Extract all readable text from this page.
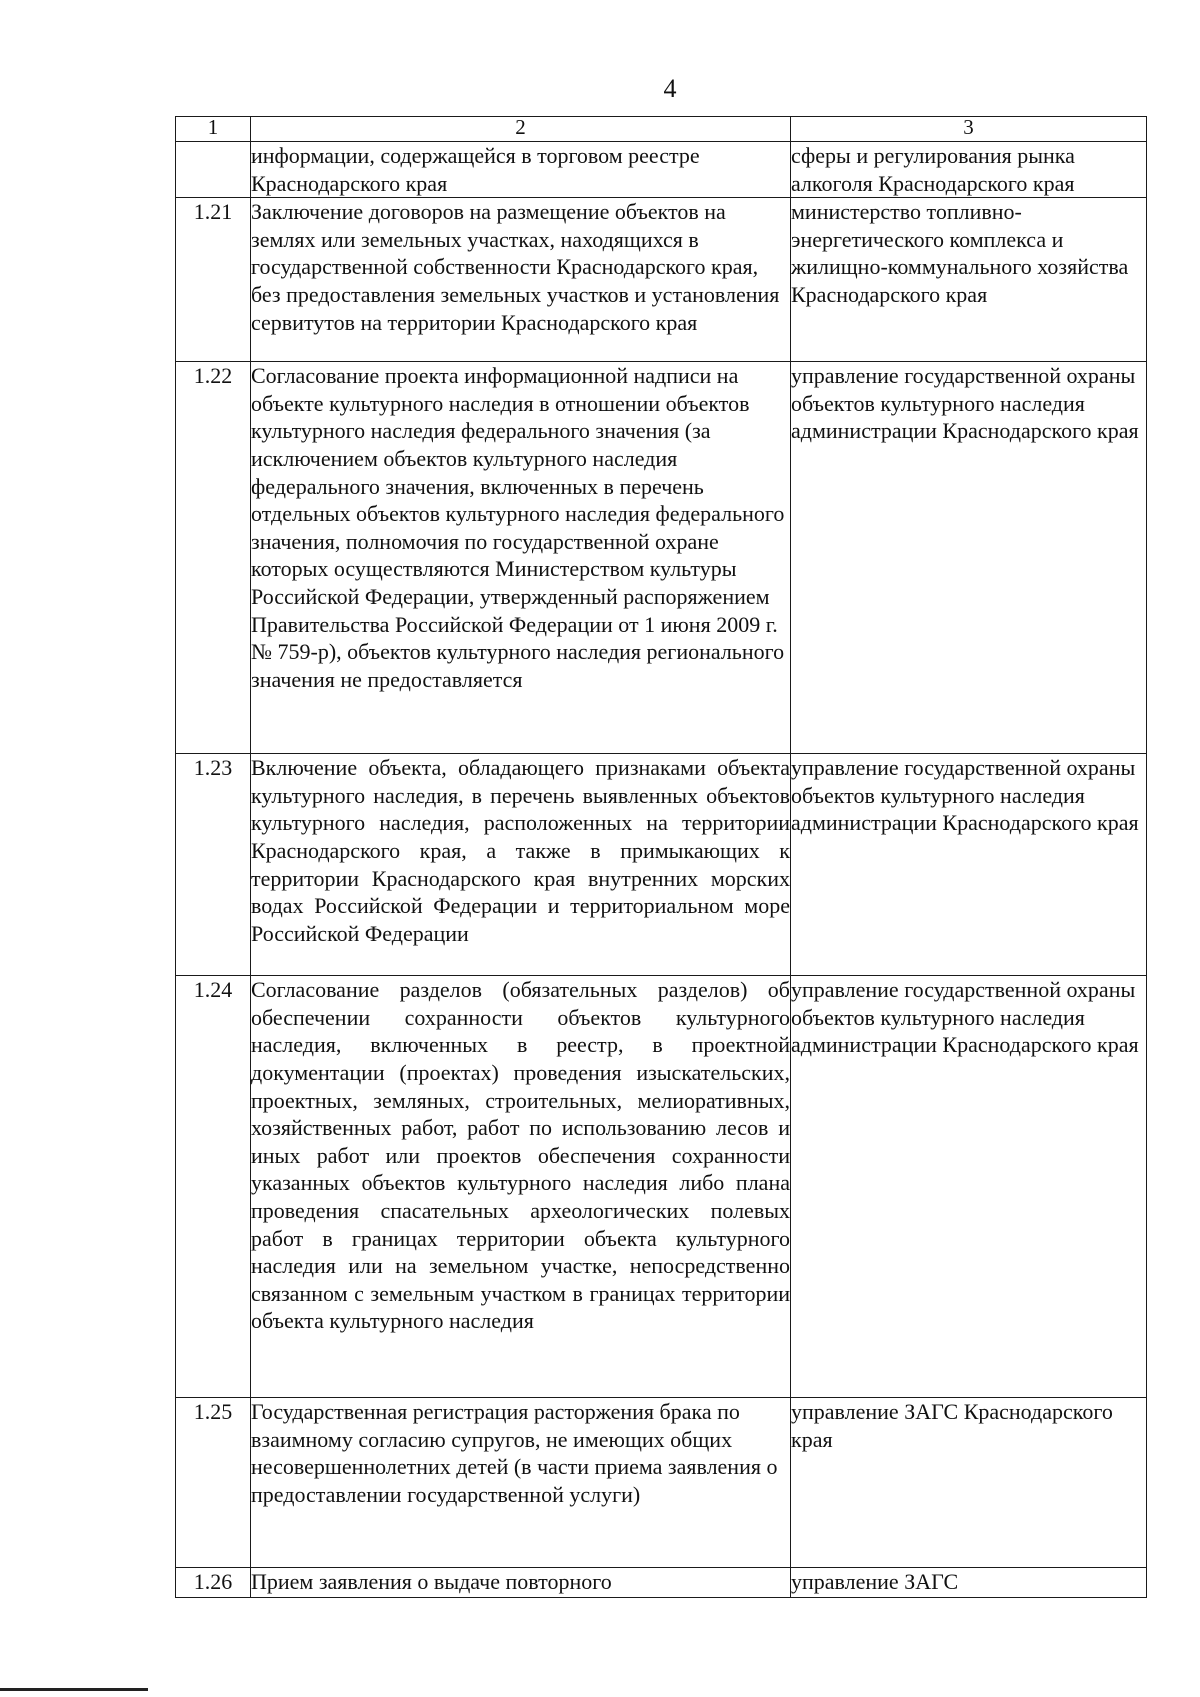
4
1	2	3
	информации, содержащейся в торговом реестре Краснодарского края	сферы и регулирования рынка алкоголя Краснодарского края
1.21	Заключение договоров на размещение объектов на землях или земельных участках, находящихся в государственной собственности Краснодарского края, без предоставления земельных участков и установления сервитутов на территории Краснодарского края	министерство топливно-энергетического комплекса и жилищно-коммунального хозяйства Краснодарского края
1.22	Согласование проекта информационной надписи на объекте культурного наследия в отношении объектов культурного наследия федерального значения (за исключением объектов культурного наследия федерального значения, включенных в перечень отдельных объектов культурного наследия федерального значения, полномочия по государственной охране которых осуществляются Министерством культуры Российской Федерации, утвержденный распоряжением Правительства Российской Федерации от 1 июня 2009 г. № 759-р), объектов культурного наследия регионального значения не предоставляется	управление государственной охраны объектов культурного наследия администрации Краснодарского края
1.23	Включение объекта, обладающего признаками объекта культурного наследия, в перечень выявленных объектов культурного наследия, расположенных на территории Краснодарского края, а также в примыкающих к территории Краснодарского края внутренних морских водах Российской Федерации и территориальном море Российской Федерации	управление государственной охраны объектов культурного наследия администрации Краснодарского края
1.24	Согласование разделов (обязательных разделов) об обеспечении сохранности объектов культурного наследия, включенных в реестр, в проектной документации (проектах) проведения изыскательских, проектных, земляных, строительных, мелиоративных, хозяйственных работ, работ по использованию лесов и иных работ или проектов обеспечения сохранности указанных объектов культурного наследия либо плана проведения спасательных археологических полевых работ в границах территории объекта культурного наследия или на земельном участке, непосредственно связанном с земельным участком в границах территории объекта культурного наследия	управление государственной охраны объектов культурного наследия администрации Краснодарского края
1.25	Государственная регистрация расторжения брака по взаимному согласию супругов, не имеющих общих несовершеннолетних детей (в части приема заявления о предоставлении государственной услуги)	управление ЗАГС Краснодарского края
1.26	Прием заявления о выдаче повторного	управление ЗАГС
